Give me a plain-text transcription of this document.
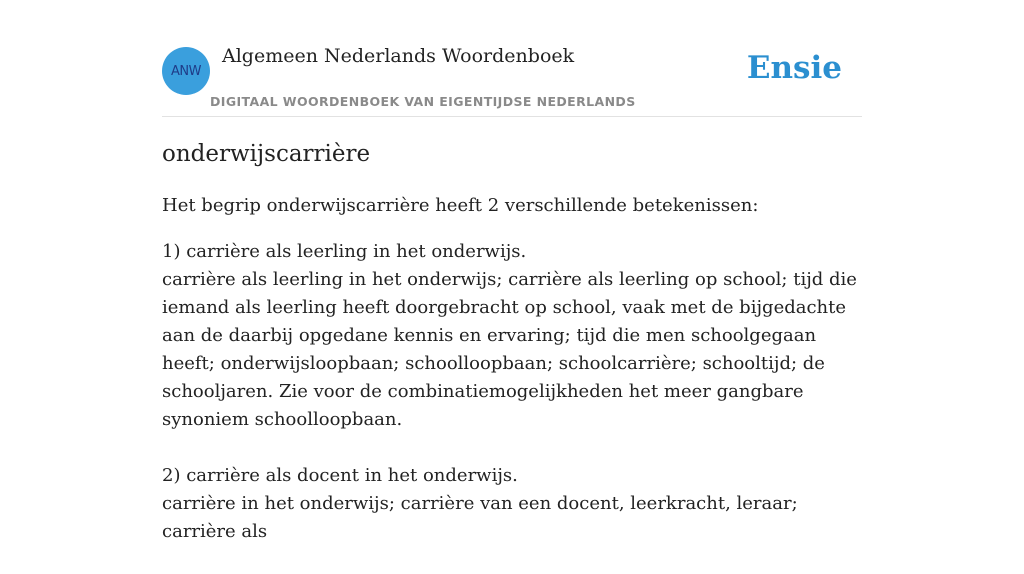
ANW
Algemeen Nederlands Woordenboek
DIGITAAL WOORDENBOEK VAN EIGENTIJDSE NEDERLANDS
Ensie
onderwijscarrière
Het begrip onderwijscarrière heeft 2 verschillende betekenissen:

1) carrière als leerling in het onderwijs.

carrière als leerling in het onderwijs; carrière als leerling op school; tijd die iemand als leerling heeft doorgebracht op school, vaak met de bijgedachte aan de daarbij opgedane kennis en ervaring; tijd die men schoolgegaan heeft; onderwijsloopbaan; schoolloopbaan; schoolcarrière; schooltijd; de schooljaren. Zie voor de combinatiemogelijkheden het meer gangbare synoniem schoolloopbaan.

2) carrière als docent in het onderwijs.

carrière in het onderwijs; carrière van een docent, leerkracht, leraar; carrière als
